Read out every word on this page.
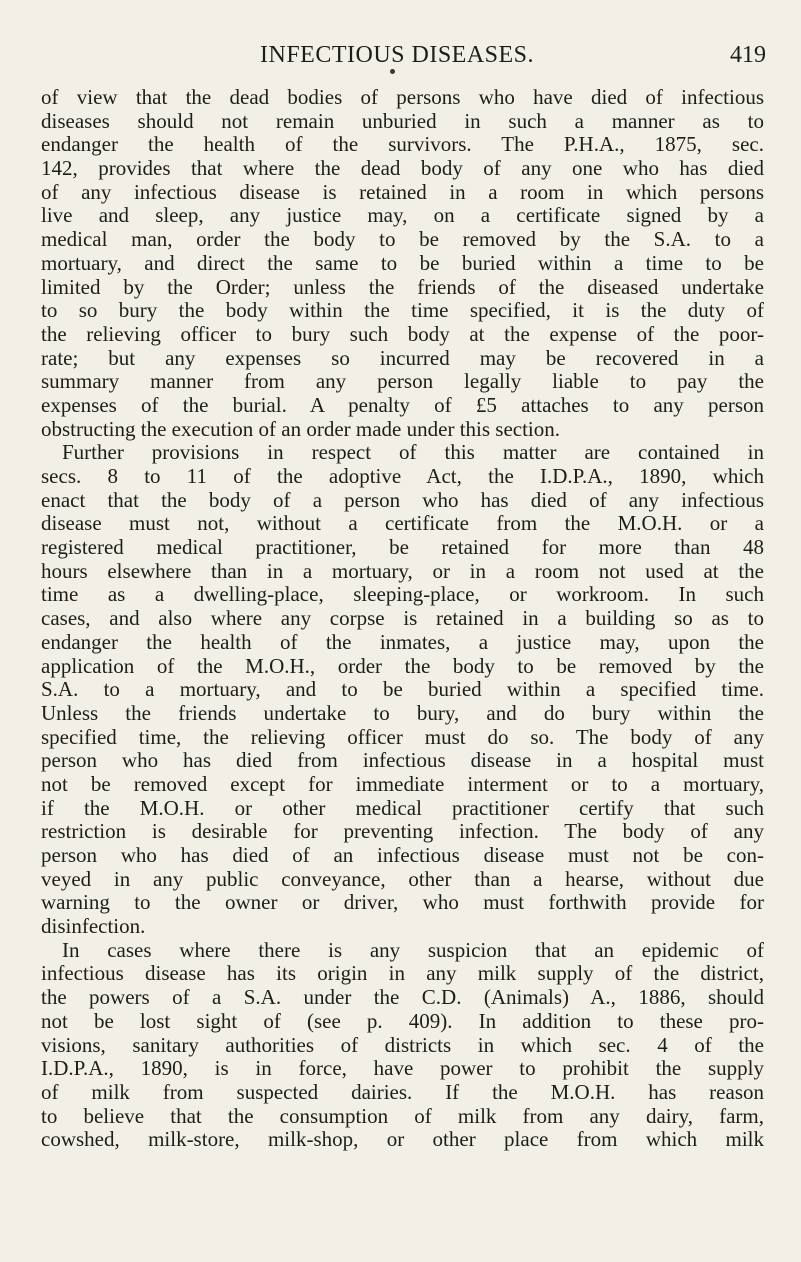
INFECTIOUS DISEASES.	419
of view that the dead bodies of persons who have died of infectious
diseases should not remain unburied in such a manner as to
endanger the health of the survivors. The P.H.A., 1875, sec.
142, provides that where the dead body of any one who has died
of any infectious disease is retained in a room in which persons
live and sleep, any justice may, on a certificate signed by a
medical man, order the body to be removed by the S.A. to a
mortuary, and direct the same to be buried within a time to be
limited by the Order; unless the friends of the diseased undertake
to so bury the body within the time specified, it is the duty of
the relieving officer to bury such body at the expense of the poor-
rate; but any expenses so incurred may be recovered in a
summary manner from any person legally liable to pay the
expenses of the burial. A penalty of £5 attaches to any person
obstructing the execution of an order made under this section.
Further provisions in respect of this matter are contained in
secs. 8 to 11 of the adoptive Act, the I.D.P.A., 1890, which
enact that the body of a person who has died of any infectious
disease must not, without a certificate from the M.O.H. or a
registered medical practitioner, be retained for more than 48
hours elsewhere than in a mortuary, or in a room not used at the
time as a dwelling-place, sleeping-place, or workroom. In such
cases, and also where any corpse is retained in a building so as to
endanger the health of the inmates, a justice may, upon the
application of the M.O.H., order the body to be removed by the
S.A. to a mortuary, and to be buried within a specified time.
Unless the friends undertake to bury, and do bury within the
specified time, the relieving officer must do so. The body of any
person who has died from infectious disease in a hospital must
not be removed except for immediate interment or to a mortuary,
if the M.O.H. or other medical practitioner certify that such
restriction is desirable for preventing infection. The body of any
person who has died of an infectious disease must not be con-
veyed in any public conveyance, other than a hearse, without due
warning to the owner or driver, who must forthwith provide for
disinfection.
In cases where there is any suspicion that an epidemic of
infectious disease has its origin in any milk supply of the district,
the powers of a S.A. under the C.D. (Animals) A., 1886, should
not be lost sight of (see p. 409). In addition to these pro-
visions, sanitary authorities of districts in which sec. 4 of the
I.D.P.A., 1890, is in force, have power to prohibit the supply
of milk from suspected dairies. If the M.O.H. has reason
to believe that the consumption of milk from any dairy, farm,
cowshed, milk-store, milk-shop, or other place from which milk
